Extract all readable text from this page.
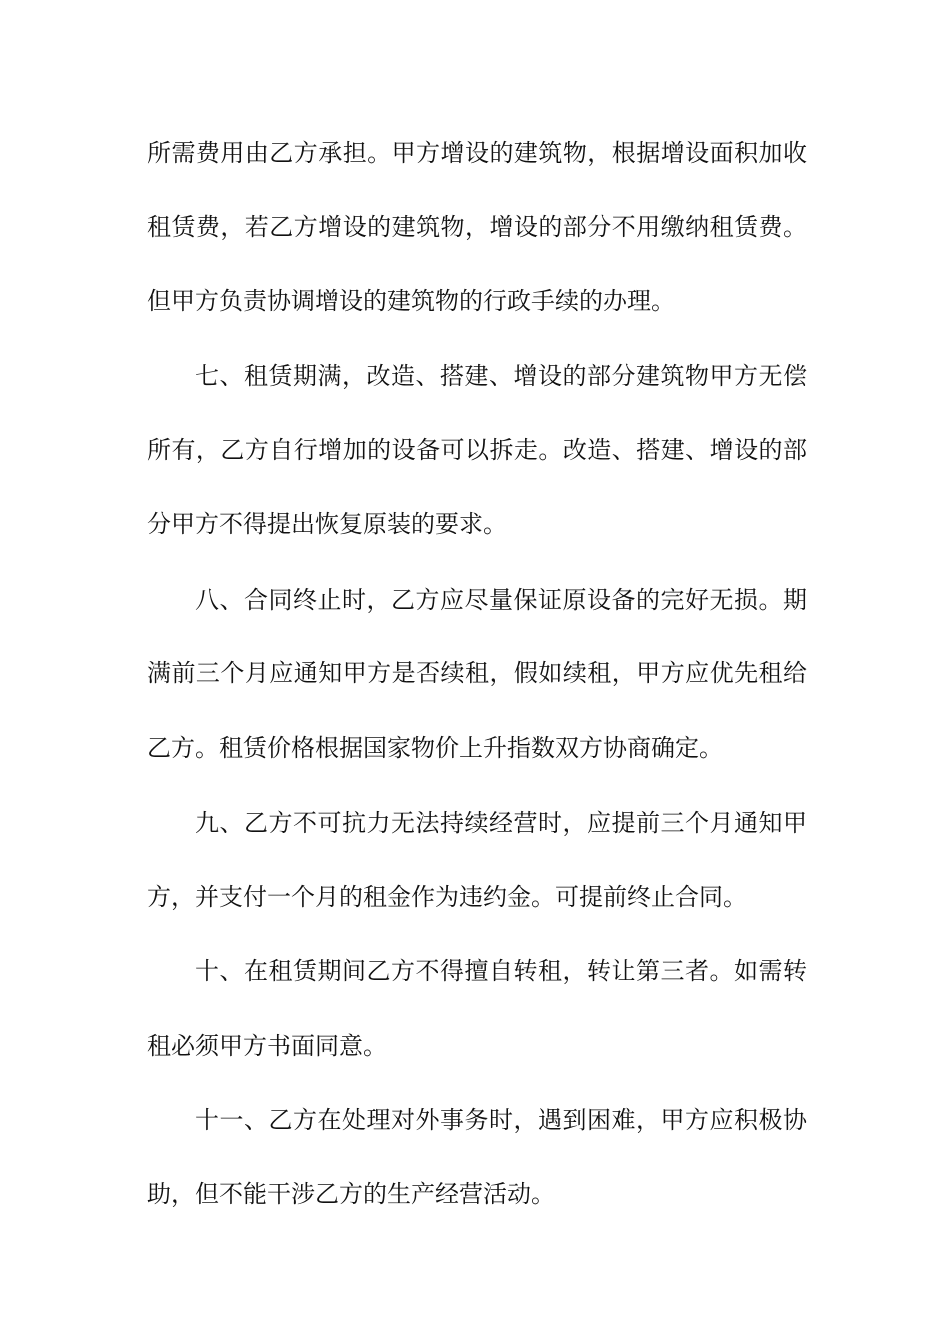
所需费用由乙方承担。甲方增设的建筑物，根据增设面积加收
租赁费，若乙方增设的建筑物，增设的部分不用缴纳租赁费。
但甲方负责协调增设的建筑物的行政手续的办理。
七、租赁期满，改造、搭建、增设的部分建筑物甲方无偿
所有，乙方自行增加的设备可以拆走。改造、搭建、增设的部
分甲方不得提出恢复原装的要求。
八、合同终止时，乙方应尽量保证原设备的完好无损。期
满前三个月应通知甲方是否续租，假如续租，甲方应优先租给
乙方。租赁价格根据国家物价上升指数双方协商确定。
九、乙方不可抗力无法持续经营时，应提前三个月通知甲
方，并支付一个月的租金作为违约金。可提前终止合同。
十、在租赁期间乙方不得擅自转租，转让第三者。如需转
租必须甲方书面同意。
十一、乙方在处理对外事务时，遇到困难，甲方应积极协
助，但不能干涉乙方的生产经营活动。
